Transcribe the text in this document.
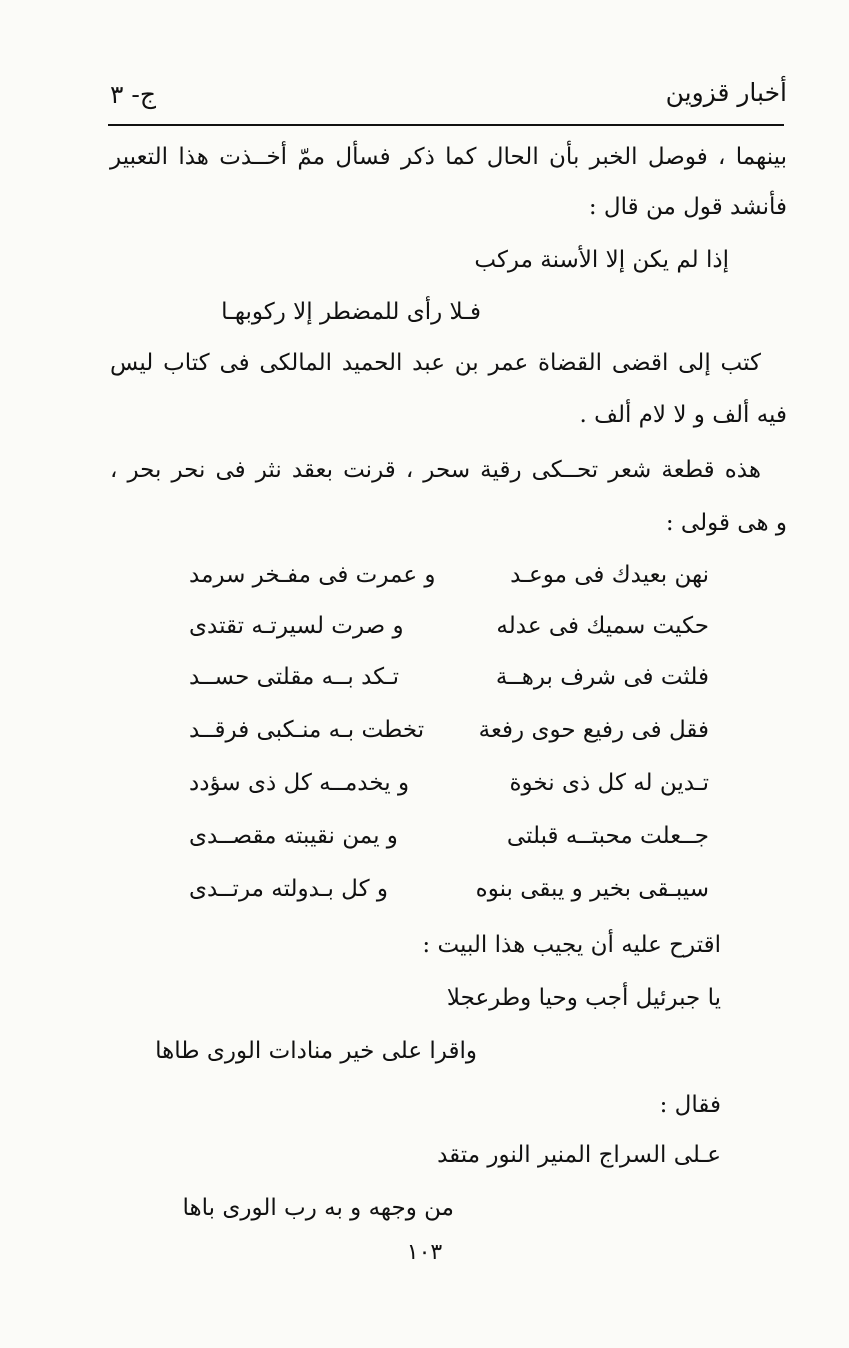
أخبار قزوين
ج- ٣
بينهما ، فوصل الخبر بأن الحال كما ذكر فسأل ممّ أخــذت هذا التعبير
فأنشد قول من قال :
إذا لم يكن إلا الأسنة مركب
فـلا رأى للمضطر إلا ركوبهـا
كتب إلى اقضى القضاة عمر بن عبد الحميد المالكى فى كتاب ليس
فيه ألف و لا لام ألف .
هذه قطعة شعر تحــكى رقية سحر ، قرنت بعقد نثر فى نحر بحر ،
و هى قولى :
نهن بعيدك فى موعـد
و عمرت فى مفـخر سرمد
حكيت سميك فى عدله
و صرت لسيرتـه تقتدى
فلثت فى شرف برهــة
تـكد بــه مقلتى حســد
فقل فى رفيع حوى رفعة
تخطت بـه منـكبى فرقــد
تـدين له كل ذى نخوة
و يخدمــه كل ذى سؤدد
جــعلت محبتــه قبلتى
و يمن نقيبته مقصــدى
سيبـقى بخير و يبقى بنوه
و كل بـدولته مرتــدى
اقترح عليه أن يجيب هذا البيت :
يا جبرئيل أجب وحيا وطرعجلا
واقرا على خير منادات الورى طاها
فقال :
عـلى السراج المنير النور متقد
من وجهه و به رب الورى باها
١٠٣
